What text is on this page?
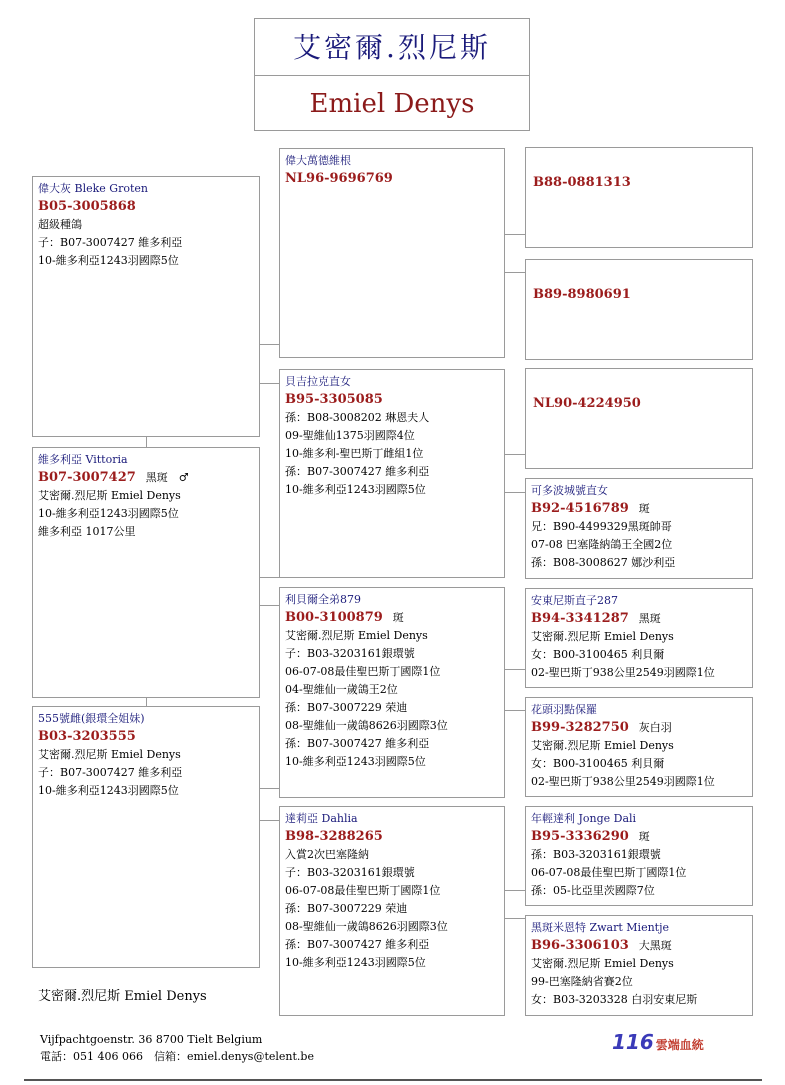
艾密爾.烈尼斯
Emiel Denys
偉大灰 Bleke Groten
B05-3005868
超級種鴿
子：B07-3007427 維多利亞
10-維多利亞1243羽國際5位
維多利亞 Vittoria
B07-3007427 黑斑　♂
艾密爾.烈尼斯 Emiel Denys
10-維多利亞1243羽國際5位
維多利亞 1017公里
555號雌(銀環全姐妹)
B03-3203555
艾密爾.烈尼斯 Emiel Denys
子：B07-3007427 維多利亞
10-維多利亞1243羽國際5位
偉大萬德維根
NL96-9696769
貝吉拉克直女
B95-3305085
孫：B08-3008202 琳恩夫人
09-聖維仙1375羽國際4位
10-維多利-聖巴斯丁雌組1位
孫：B07-3007427 維多利亞
10-維多利亞1243羽國際5位
利貝爾全弟879
B00-3100879 斑
艾密爾.烈尼斯 Emiel Denys
子：B03-3203161銀環號
06-07-08最佳聖巴斯丁國際1位
04-聖維仙一歲鴿王2位
孫：B07-3007229 荣迪
08-聖維仙一歲鴿8626羽國際3位
孫：B07-3007427 維多利亞
10-維多利亞1243羽國際5位
達莉亞 Dahlia
B98-3288265
入賞2次巴塞隆納
子：B03-3203161銀環號
06-07-08最佳聖巴斯丁國際1位
孫：B07-3007229 荣迪
08-聖維仙一歲鴿8626羽國際3位
孫：B07-3007427 維多利亞
10-維多利亞1243羽國際5位
B88-0881313
B89-8980691
NL90-4224950
可多波城號直女
B92-4516789 斑
兄：B90-4499329黑斑帥哥
07-08 巴塞隆納鴿王全國2位
孫：B08-3008627 娜沙利亞
安東尼斯直子287
B94-3341287 黑斑
艾密爾.烈尼斯 Emiel Denys
女：B00-3100465 利貝爾
02-聖巴斯丁938公里2549羽國際1位
花頭羽點保羅
B99-3282750 灰白羽
艾密爾.烈尼斯 Emiel Denys
女：B00-3100465 利貝爾
02-聖巴斯丁938公里2549羽國際1位
年輕達利 Jonge Dali
B95-3336290 斑
孫：B03-3203161銀環號
06-07-08最佳聖巴斯丁國際1位
孫：05-比亞里茨國際7位
黑斑米恩特 Zwart Mientje
B96-3306103 大黑斑
艾密爾.烈尼斯 Emiel Denys
99-巴塞隆納省賽2位
女：B03-3203328 白羽安東尼斯
艾密爾.烈尼斯 Emiel Denys
Vijfpachtgoenstr. 36 8700 Tielt Belgium
電話：051 406 066　信箱：emiel.denys@telent.be
116 雲端血統
